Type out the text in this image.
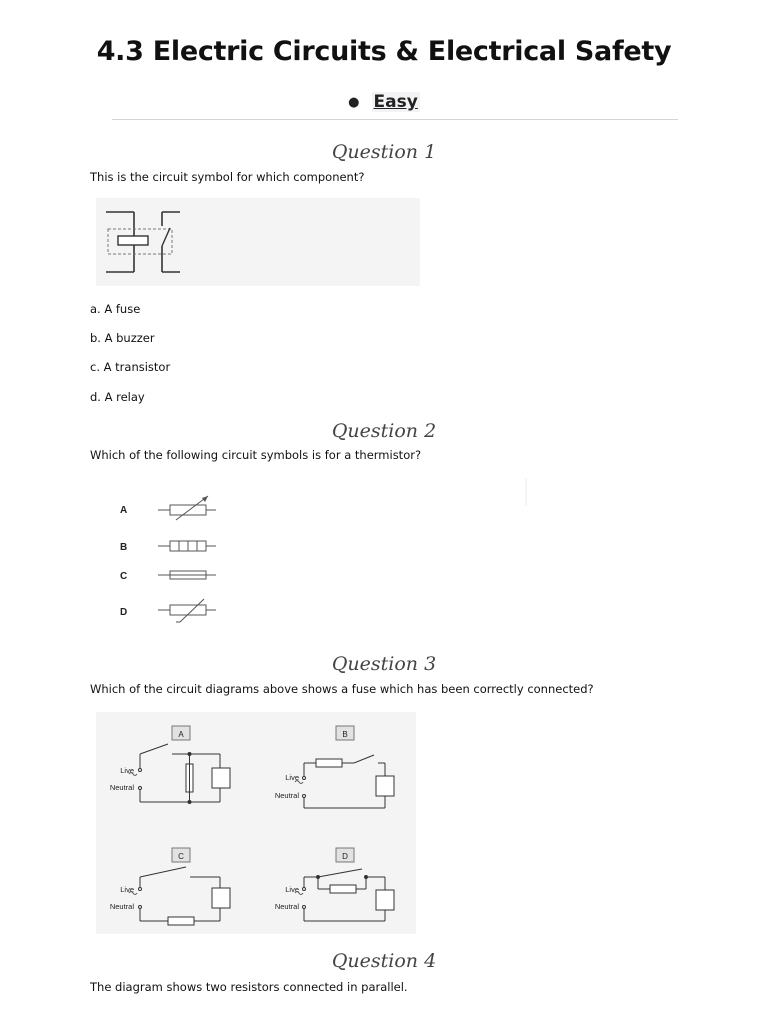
4.3 Electric Circuits & Electrical Safety
● Easy
Question 1
This is the circuit symbol for which component?
a. A fuse
b. A buzzer
c. A transistor
d. A relay
Question 2
Which of the following circuit symbols is for a thermistor?
A
B
C
D
Question 3
Which of the circuit diagrams above shows a fuse which has been correctly connected?
A
Live
Neutral
B
Live
Neutral
C
Live
Neutral
D
Live
Neutral
Question 4
The diagram shows two resistors connected in parallel.
